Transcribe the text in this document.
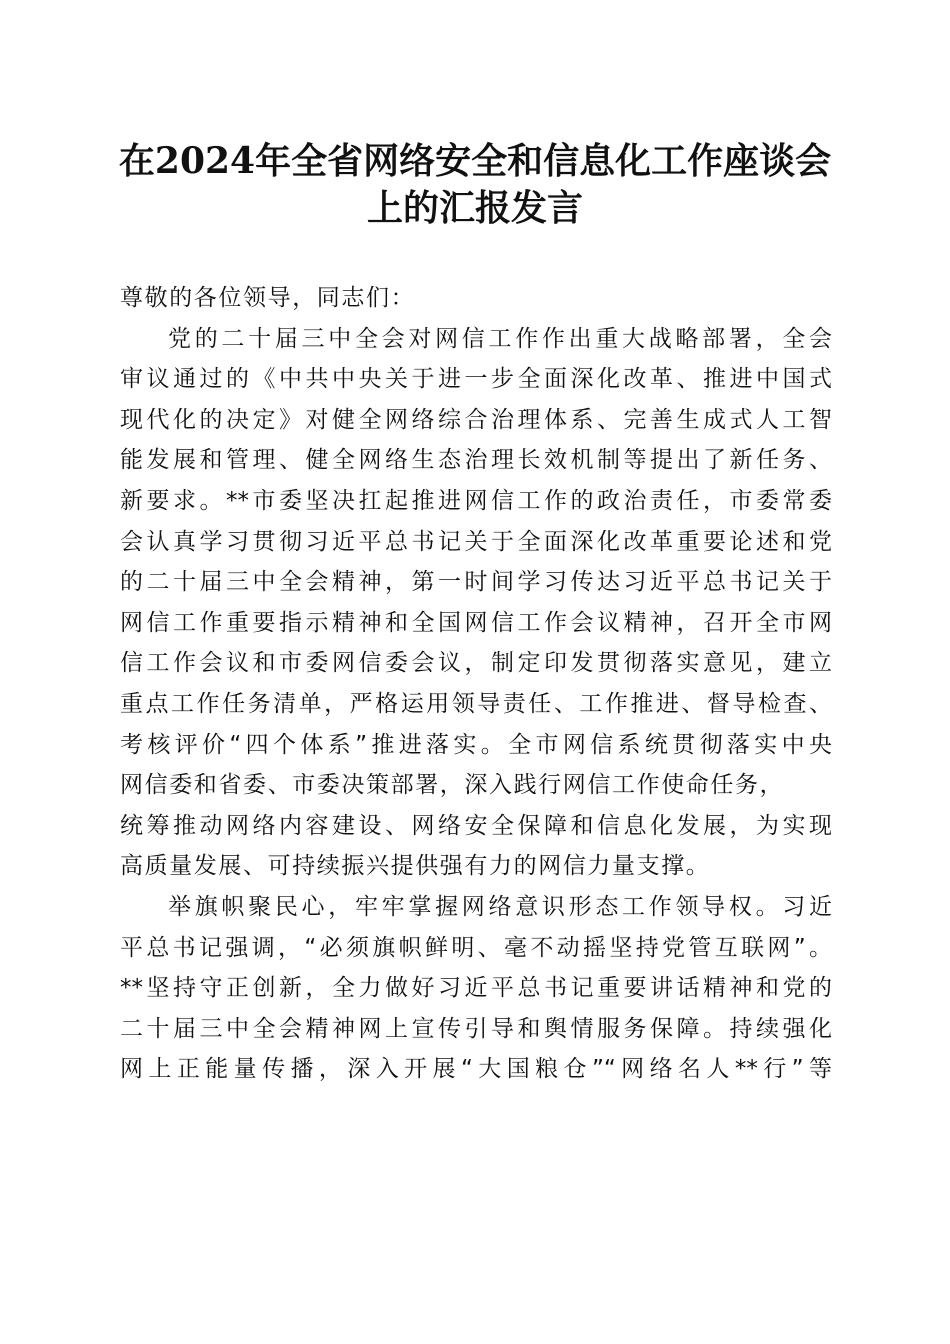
在2024年全省网络安全和信息化工作座谈会
上的汇报发言
尊敬的各位领导，同志们：
党的二十届三中全会对网信工作作出重大战略部署，全会
审议通过的《中共中央关于进一步全面深化改革、推进中国式
现代化的决定》对健全网络综合治理体系、完善生成式人工智
能发展和管理、健全网络生态治理长效机制等提出了新任务、
新要求。**市委坚决扛起推进网信工作的政治责任，市委常委
会认真学习贯彻习近平总书记关于全面深化改革重要论述和党
的二十届三中全会精神，第一时间学习传达习近平总书记关于
网信工作重要指示精神和全国网信工作会议精神，召开全市网
信工作会议和市委网信委会议，制定印发贯彻落实意见，建立
重点工作任务清单，严格运用领导责任、工作推进、督导检查、
考核评价“四个体系”推进落实。全市网信系统贯彻落实中央
网信委和省委、市委决策部署，深入践行网信工作使命任务，
统筹推动网络内容建设、网络安全保障和信息化发展，为实现
高质量发展、可持续振兴提供强有力的网信力量支撑。
举旗帜聚民心，牢牢掌握网络意识形态工作领导权。习近
平总书记强调，“必须旗帜鲜明、毫不动摇坚持党管互联网”。
**坚持守正创新，全力做好习近平总书记重要讲话精神和党的
二十届三中全会精神网上宣传引导和舆情服务保障。持续强化
网上正能量传播，深入开展“大国粮仓”“网络名人**行”等
